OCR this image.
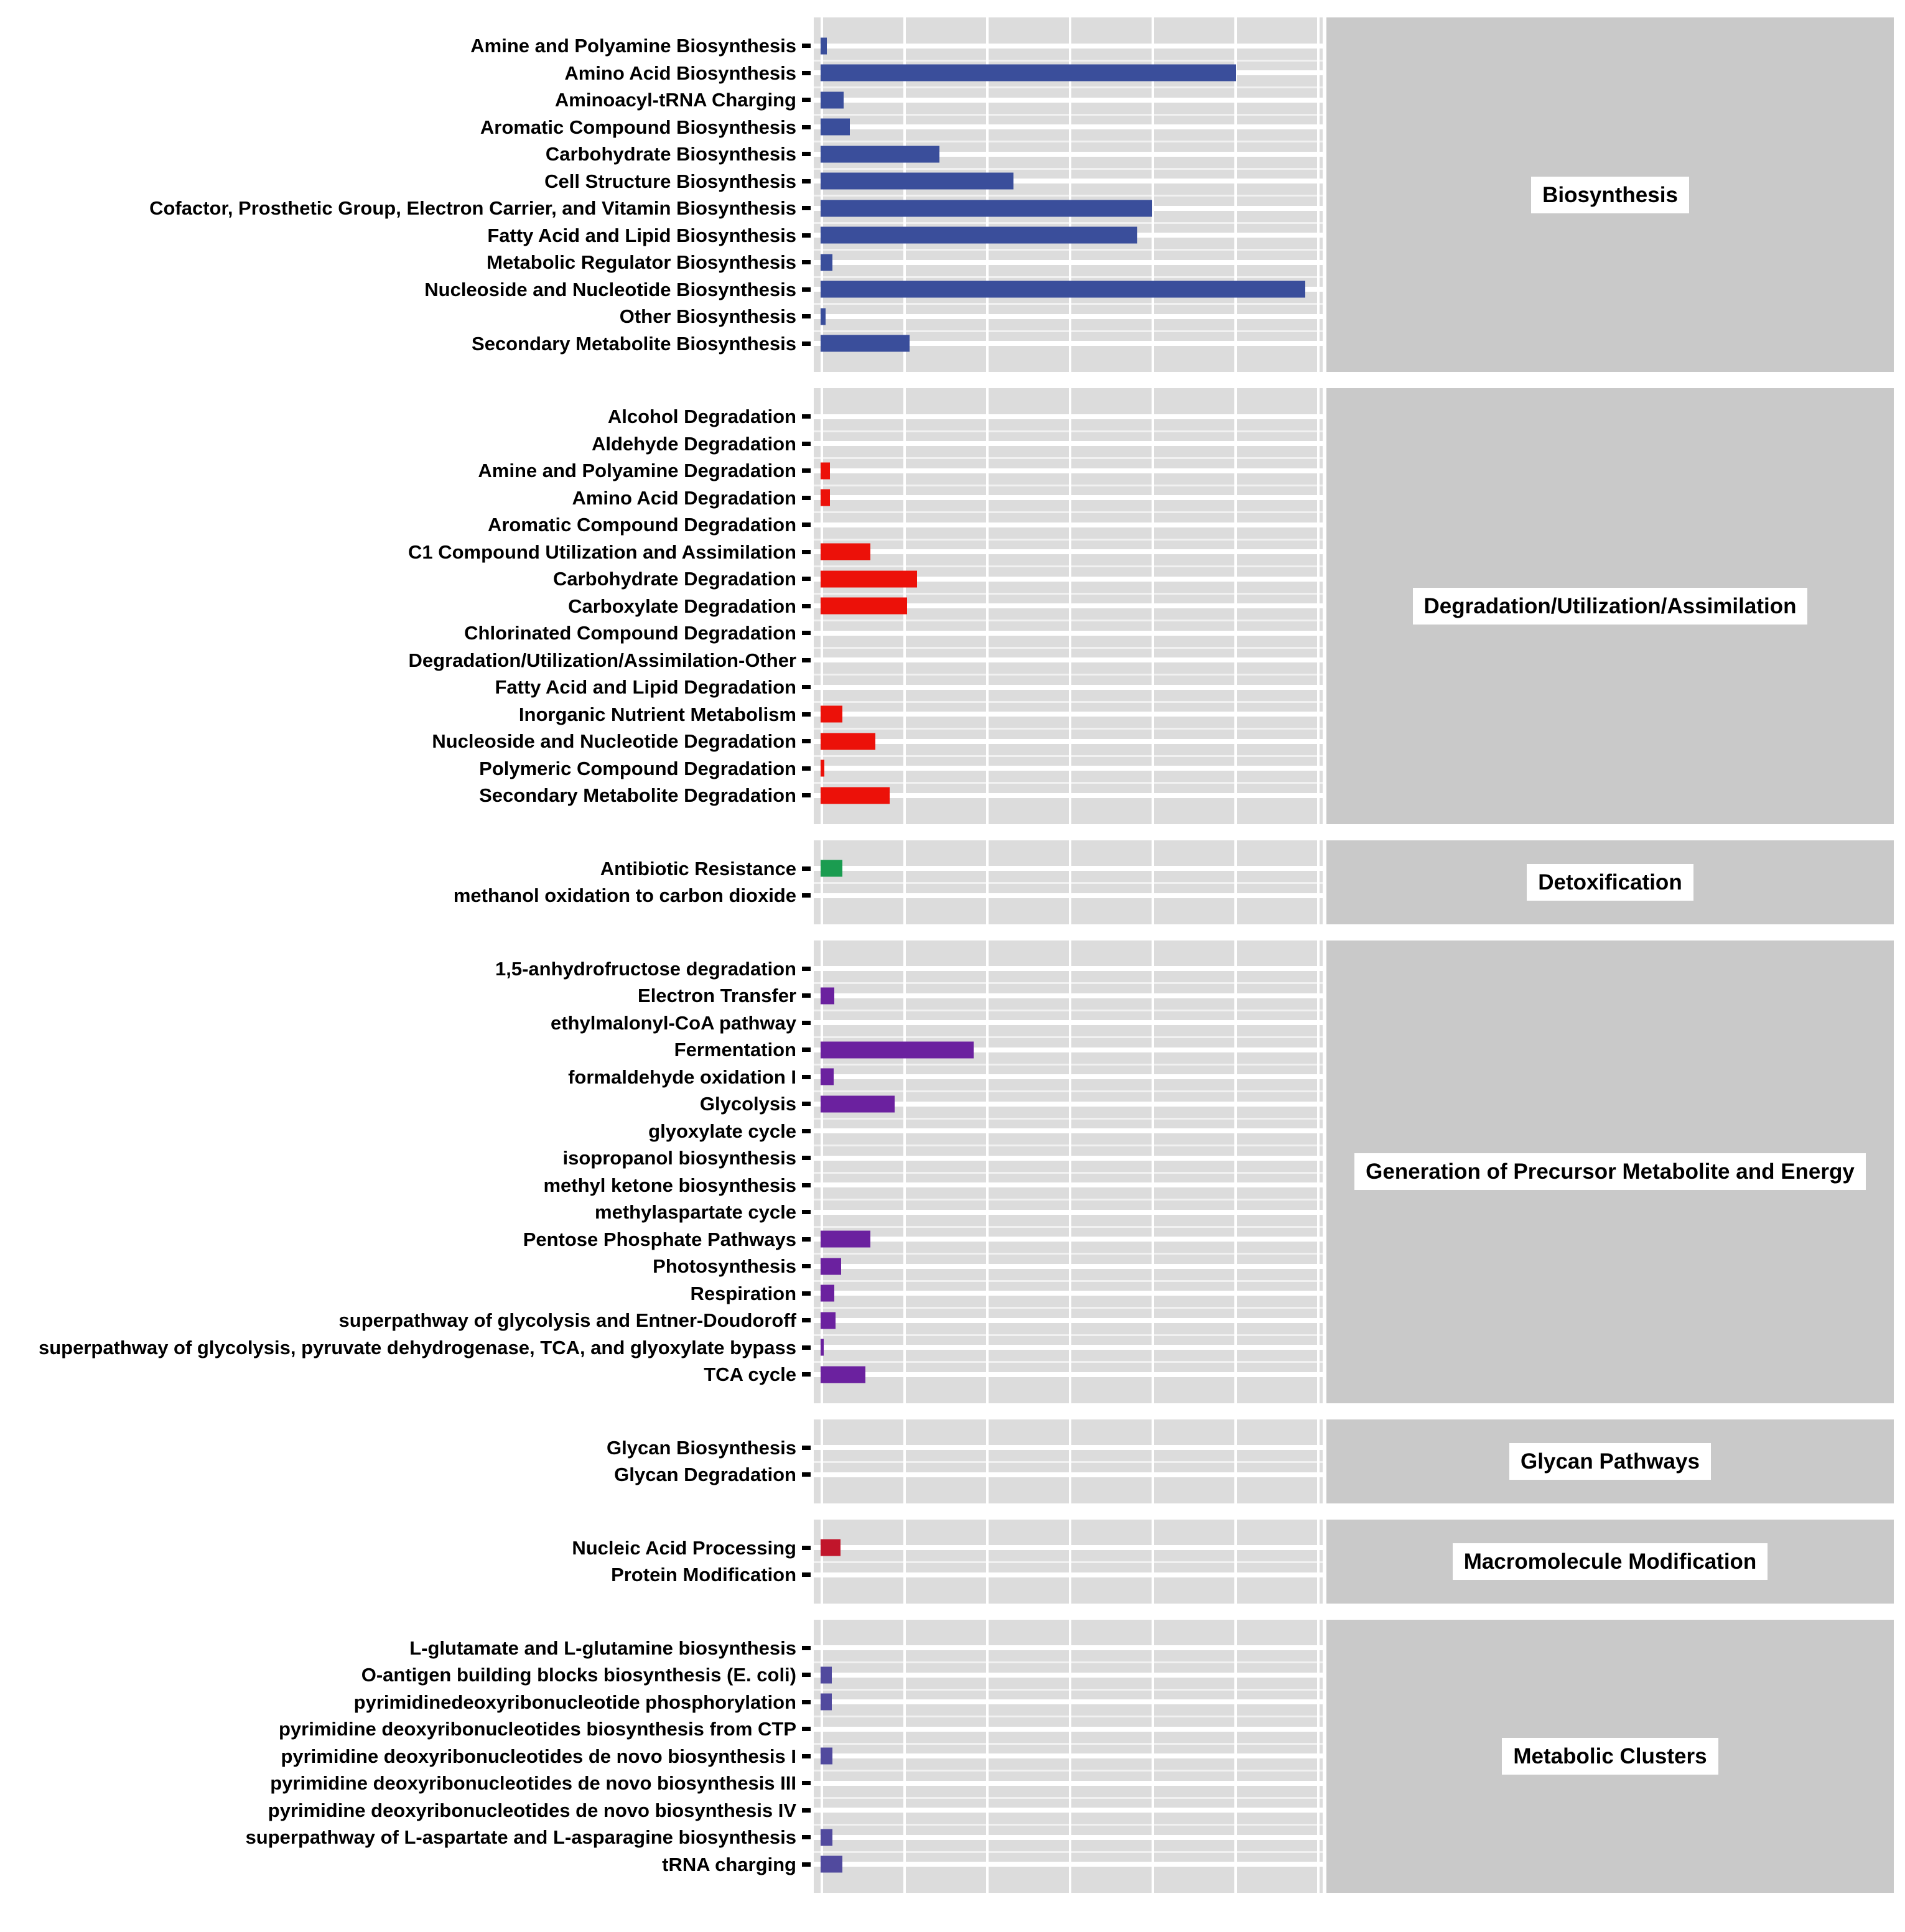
Amine and Polyamine Biosynthesis
Amino Acid Biosynthesis
Aminoacyl-tRNA Charging
Aromatic Compound Biosynthesis
Carbohydrate Biosynthesis
Cell Structure Biosynthesis
Cofactor, Prosthetic Group, Electron Carrier, and Vitamin Biosynthesis
Fatty Acid and Lipid Biosynthesis
Metabolic Regulator Biosynthesis
Nucleoside and Nucleotide Biosynthesis
Other Biosynthesis
Secondary Metabolite Biosynthesis
Biosynthesis
Alcohol Degradation
Aldehyde Degradation
Amine and Polyamine Degradation
Amino Acid Degradation
Aromatic Compound Degradation
C1 Compound Utilization and Assimilation
Carbohydrate Degradation
Carboxylate Degradation
Chlorinated Compound Degradation
Degradation/Utilization/Assimilation-Other
Fatty Acid and Lipid Degradation
Inorganic Nutrient Metabolism
Nucleoside and Nucleotide Degradation
Polymeric Compound Degradation
Secondary Metabolite Degradation
Degradation/Utilization/Assimilation
Antibiotic Resistance
methanol oxidation to carbon dioxide
Detoxification
1,5-anhydrofructose degradation
Electron Transfer
ethylmalonyl-CoA pathway
Fermentation
formaldehyde oxidation I
Glycolysis
glyoxylate cycle
isopropanol biosynthesis
methyl ketone biosynthesis
methylaspartate cycle
Pentose Phosphate Pathways
Photosynthesis
Respiration
superpathway of glycolysis and Entner-Doudoroff
superpathway of glycolysis, pyruvate dehydrogenase, TCA, and glyoxylate bypass
TCA cycle
Generation of Precursor Metabolite and Energy
Glycan Biosynthesis
Glycan Degradation
Glycan Pathways
Nucleic Acid Processing
Protein Modification
Macromolecule Modification
L-glutamate and L-glutamine biosynthesis
O-antigen building blocks biosynthesis (E. coli)
pyrimidinedeoxyribonucleotide phosphorylation
pyrimidine deoxyribonucleotides biosynthesis from CTP
pyrimidine deoxyribonucleotides de novo biosynthesis I
pyrimidine deoxyribonucleotides de novo biosynthesis III
pyrimidine deoxyribonucleotides de novo biosynthesis IV
superpathway of L-aspartate and L-asparagine biosynthesis
tRNA charging
Metabolic Clusters
